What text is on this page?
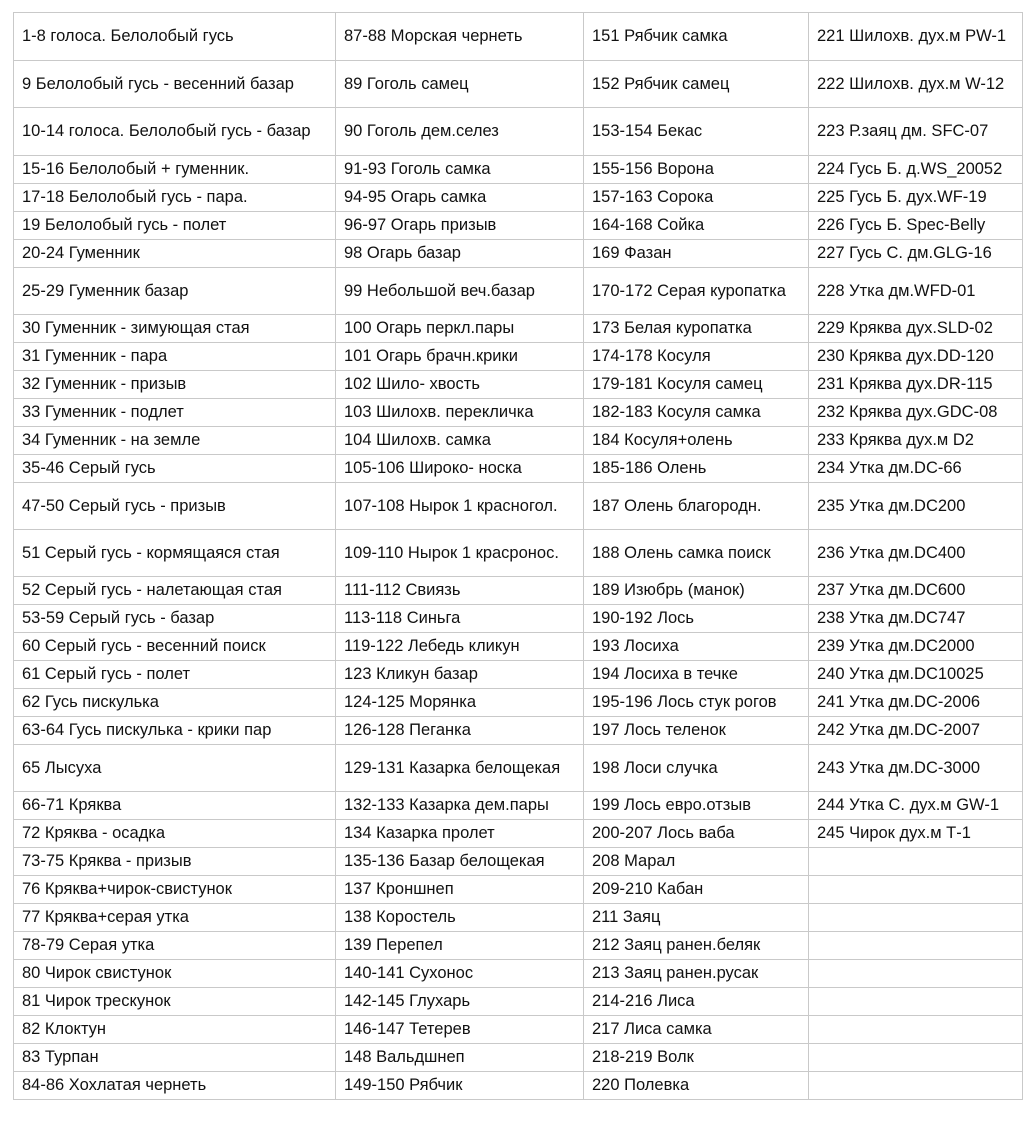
1-8 голоса. Белолобый гусь	87-88 Морская чернеть	151 Рябчик самка	221 Шилохв. дух.м PW-1
9 Белолобый гусь - весенний базар	89 Гоголь самец	152 Рябчик самец	222 Шилохв. дух.м W-12
10-14 голоса. Белолобый гусь - базар	90 Гоголь дем.селез	153-154 Бекас	223 Р.заяц дм. SFC-07
15-16 Белолобый + гуменник.	91-93 Гоголь самка	155-156 Ворона	224 Гусь Б. д.WS_20052
17-18 Белолобый гусь - пара.	94-95 Огарь самка	157-163 Сорока	225 Гусь Б. дух.WF-19
19 Белолобый гусь - полет	96-97 Огарь призыв	164-168 Сойка	226 Гусь Б. Spec-Belly
20-24 Гуменник	98 Огарь базар	169 Фазан	227 Гусь С. дм.GLG-16
25-29 Гуменник базар	99 Небольшой веч.базар	170-172 Серая куропатка	228 Утка дм.WFD-01
30 Гуменник - зимующая стая	100 Огарь перкл.пары	173 Белая куропатка	229 Кряква дух.SLD-02
31 Гуменник - пара	101 Огарь брачн.крики	174-178 Косуля	230 Кряква дух.DD-120
32 Гуменник - призыв	102 Шило- хвость	179-181 Косуля самец	231 Кряква дух.DR-115
33 Гуменник - подлет	103 Шилохв. перекличка	182-183 Косуля самка	232 Кряква дух.GDC-08
34 Гуменник - на земле	104 Шилохв. самка	184 Косуля+олень	233 Кряква дух.м D2
35-46 Серый гусь	105-106 Широко- носка	185-186 Олень	234 Утка дм.DC-66
47-50 Серый гусь - призыв	107-108 Нырок 1 красногол.	187 Олень благородн.	235 Утка дм.DC200
51 Серый гусь - кормящаяся стая	109-110 Нырок 1 красронос.	188 Олень самка поиск	236 Утка дм.DC400
52 Серый гусь - налетающая стая	111-112 Свиязь	189 Изюбрь (манок)	237 Утка дм.DC600
53-59 Серый гусь - базар	113-118 Синьга	190-192 Лось	238 Утка дм.DC747
60 Серый гусь - весенний поиск	119-122 Лебедь кликун	193 Лосиха	239 Утка дм.DC2000
61 Серый гусь - полет	123 Кликун базар	194 Лосиха в течке	240 Утка дм.DC10025
62 Гусь пискулька	124-125 Морянка	195-196 Лось стук рогов	241 Утка дм.DC-2006
63-64 Гусь пискулька - крики пар	126-128 Пеганка	197 Лось теленок	242 Утка дм.DC-2007
65 Лысуха	129-131 Казарка белощекая	198 Лоси случка	243 Утка дм.DC-3000
66-71 Кряква	132-133 Казарка дем.пары	199 Лось евро.отзыв	244 Утка С. дух.м GW-1
72 Кряква - осадка	134 Казарка пролет	200-207 Лось ваба	245 Чирок дух.м Т-1
73-75 Кряква - призыв	135-136 Базар белощекая	208 Марал	
76 Кряква+чирок-свистунок	137 Кроншнеп	209-210 Кабан	
77 Кряква+серая утка	138 Коростель	211 Заяц	
78-79 Серая утка	139 Перепел	212 Заяц ранен.беляк	
80 Чирок свистунок	140-141 Сухонос	213 Заяц ранен.русак	
81 Чирок трескунок	142-145 Глухарь	214-216 Лиса	
82 Клоктун	146-147 Тетерев	217 Лиса самка	
83 Турпан	148 Вальдшнеп	218-219 Волк	
84-86 Хохлатая чернеть	149-150 Рябчик	220 Полевка	
